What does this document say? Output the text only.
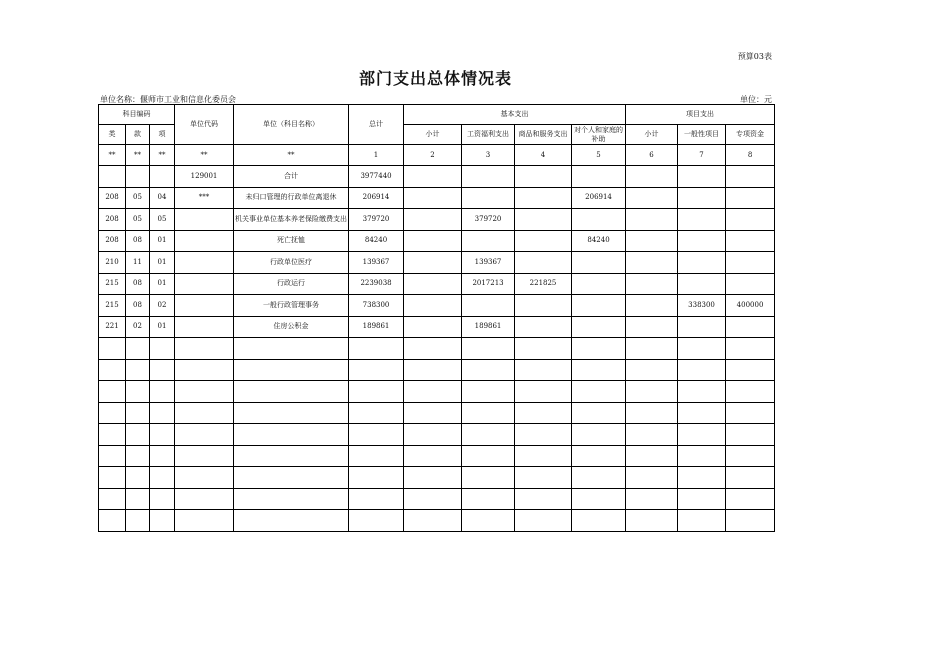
预算03表
部门支出总体情况表
单位名称：偃师市工业和信息化委员会	单位：元
科目编码			单位代码	单位（科目名称）	总计	基本支出				项目支出		
类	款	项				小计	工资福利支出	商品和服务支出	对个人和家庭的补助	小计	一般性项目	专项资金
**	**	**	**	**	1	2	3	4	5	6	7	8
			129001	合计	3977440							
208	05	04	***	未归口管理的行政单位离退休	206914				206914			
208	05	05		机关事业单位基本养老保险缴费支出	379720		379720					
208	08	01		死亡抚恤	84240				84240			
210	11	01		行政单位医疗	139367		139367					
215	08	01		行政运行	2239038		2017213	221825				
215	08	02		一般行政管理事务	738300						338300	400000
221	02	01		住房公积金	189861		189861					
